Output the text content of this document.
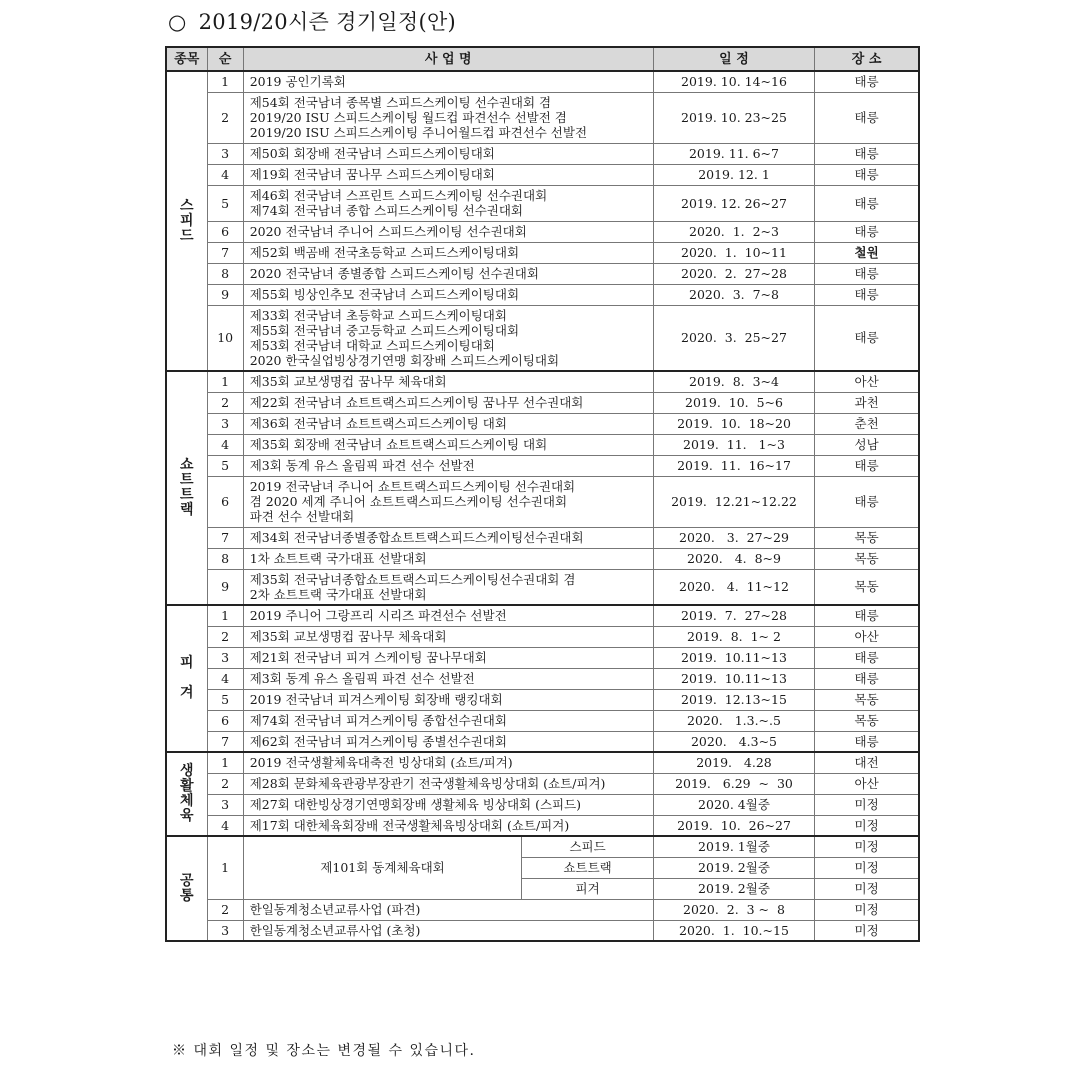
○ 2019/20시즌 경기일정(안)
종목	순	사 업 명		일 정	장 소
스
피
드	1	2019 공인기록회		2019. 10. 14~16	태릉
	2	제54회 전국남녀 종목별 스피드스케이팅 선수권대회 겸
2019/20 ISU 스피드스케이팅 월드컵 파견선수 선발전 겸
2019/20 ISU 스피드스케이팅 주니어월드컵 파견선수 선발전		2019. 10. 23~25	태릉
	3	제50회 회장배 전국남녀 스피드스케이팅대회		2019. 11. 6~7	태릉
	4	제19회 전국남녀 꿈나무 스피드스케이팅대회		2019. 12. 1	태릉
	5	제46회 전국남녀 스프린트 스피드스케이팅 선수권대회
제74회 전국남녀 종합 스피드스케이팅 선수권대회		2019. 12. 26~27	태릉
	6	2020 전국남녀 주니어 스피드스케이팅 선수권대회		2020.  1.  2~3	태릉
	7	제52회 백곰배 전국초등학교 스피드스케이팅대회		2020.  1.  10~11	철원
	8	2020 전국남녀 종별종합 스피드스케이팅 선수권대회		2020.  2.  27~28	태릉
	9	제55회 빙상인추모 전국남녀 스피드스케이팅대회		2020.  3.  7~8	태릉
	10	제33회 전국남녀 초등학교 스피드스케이팅대회
제55회 전국남녀 중고등학교 스피드스케이팅대회
제53회 전국남녀 대학교 스피드스케이팅대회
2020 한국실업빙상경기연맹 회장배 스피드스케이팅대회		2020.  3.  25~27	태릉
쇼
트
트
랙	1	제35회 교보생명컵 꿈나무 체육대회		2019.  8.  3~4	아산
	2	제22회 전국남녀 쇼트트랙스피드스케이팅 꿈나무 선수권대회		2019.  10.  5~6	과천
	3	제36회 전국남녀 쇼트트랙스피드스케이팅 대회		2019.  10.  18~20	춘천
	4	제35회 회장배 전국남녀 쇼트트랙스피드스케이팅 대회		2019.  11.   1~3	성남
	5	제3회 동계 유스 올림픽 파견 선수 선발전		2019.  11.  16~17	태릉
	6	2019 전국남녀 주니어 쇼트트랙스피드스케이팅 선수권대회
겸 2020 세계 주니어 쇼트트랙스피드스케이팅 선수권대회
파견 선수 선발대회		2019.  12.21~12.22	태릉
	7	제34회 전국남녀종별종합쇼트트랙스피드스케이팅선수권대회		2020.   3.  27~29	목동
	8	1차 쇼트트랙 국가대표 선발대회		2020.   4.  8~9	목동
	9	제35회 전국남녀종합쇼트트랙스피드스케이팅선수권대회 겸
2차 쇼트트랙 국가대표 선발대회		2020.   4.  11~12	목동
피

겨	1	2019 주니어 그랑프리 시리즈 파견선수 선발전		2019.  7.  27~28	태릉
	2	제35회 교보생명컵 꿈나무 체육대회		2019.  8.  1~ 2	아산
	3	제21회 전국남녀 피겨 스케이팅 꿈나무대회		2019.  10.11~13	태릉
	4	제3회 동계 유스 올림픽 파견 선수 선발전		2019.  10.11~13	태릉
	5	2019 전국남녀 피겨스케이팅 회장배 랭킹대회		2019.  12.13~15	목동
	6	제74회 전국남녀 피겨스케이팅 종합선수권대회		2020.   1.3.~.5	목동
	7	제62회 전국남녀 피겨스케이팅 종별선수권대회		2020.   4.3~5	태릉
생
활
체
육	1	2019 전국생활체육대축전 빙상대회 (쇼트/피겨)		2019.   4.28	대전
	2	제28회 문화체육관광부장관기 전국생활체육빙상대회 (쇼트/피겨)		2019.   6.29  ~  30	아산
	3	제27회 대한빙상경기연맹회장배 생활체육 빙상대회 (스피드)		2020. 4월중	미정
	4	제17회 대한체육회장배 전국생활체육빙상대회 (쇼트/피겨)		2019.  10.  26~27	미정
공
통	1	제101회 동계체육대회	스피드	2019. 1월중	미정
			쇼트트랙	2019. 2월중	미정
			피겨	2019. 2월중	미정
	2	한일동계청소년교류사업 (파견)		2020.  2.  3 ~  8	미정
	3	한일동계청소년교류사업 (초청)		2020.  1.  10.~15	미정
※ 대회 일정 및 장소는 변경될 수 있습니다.
